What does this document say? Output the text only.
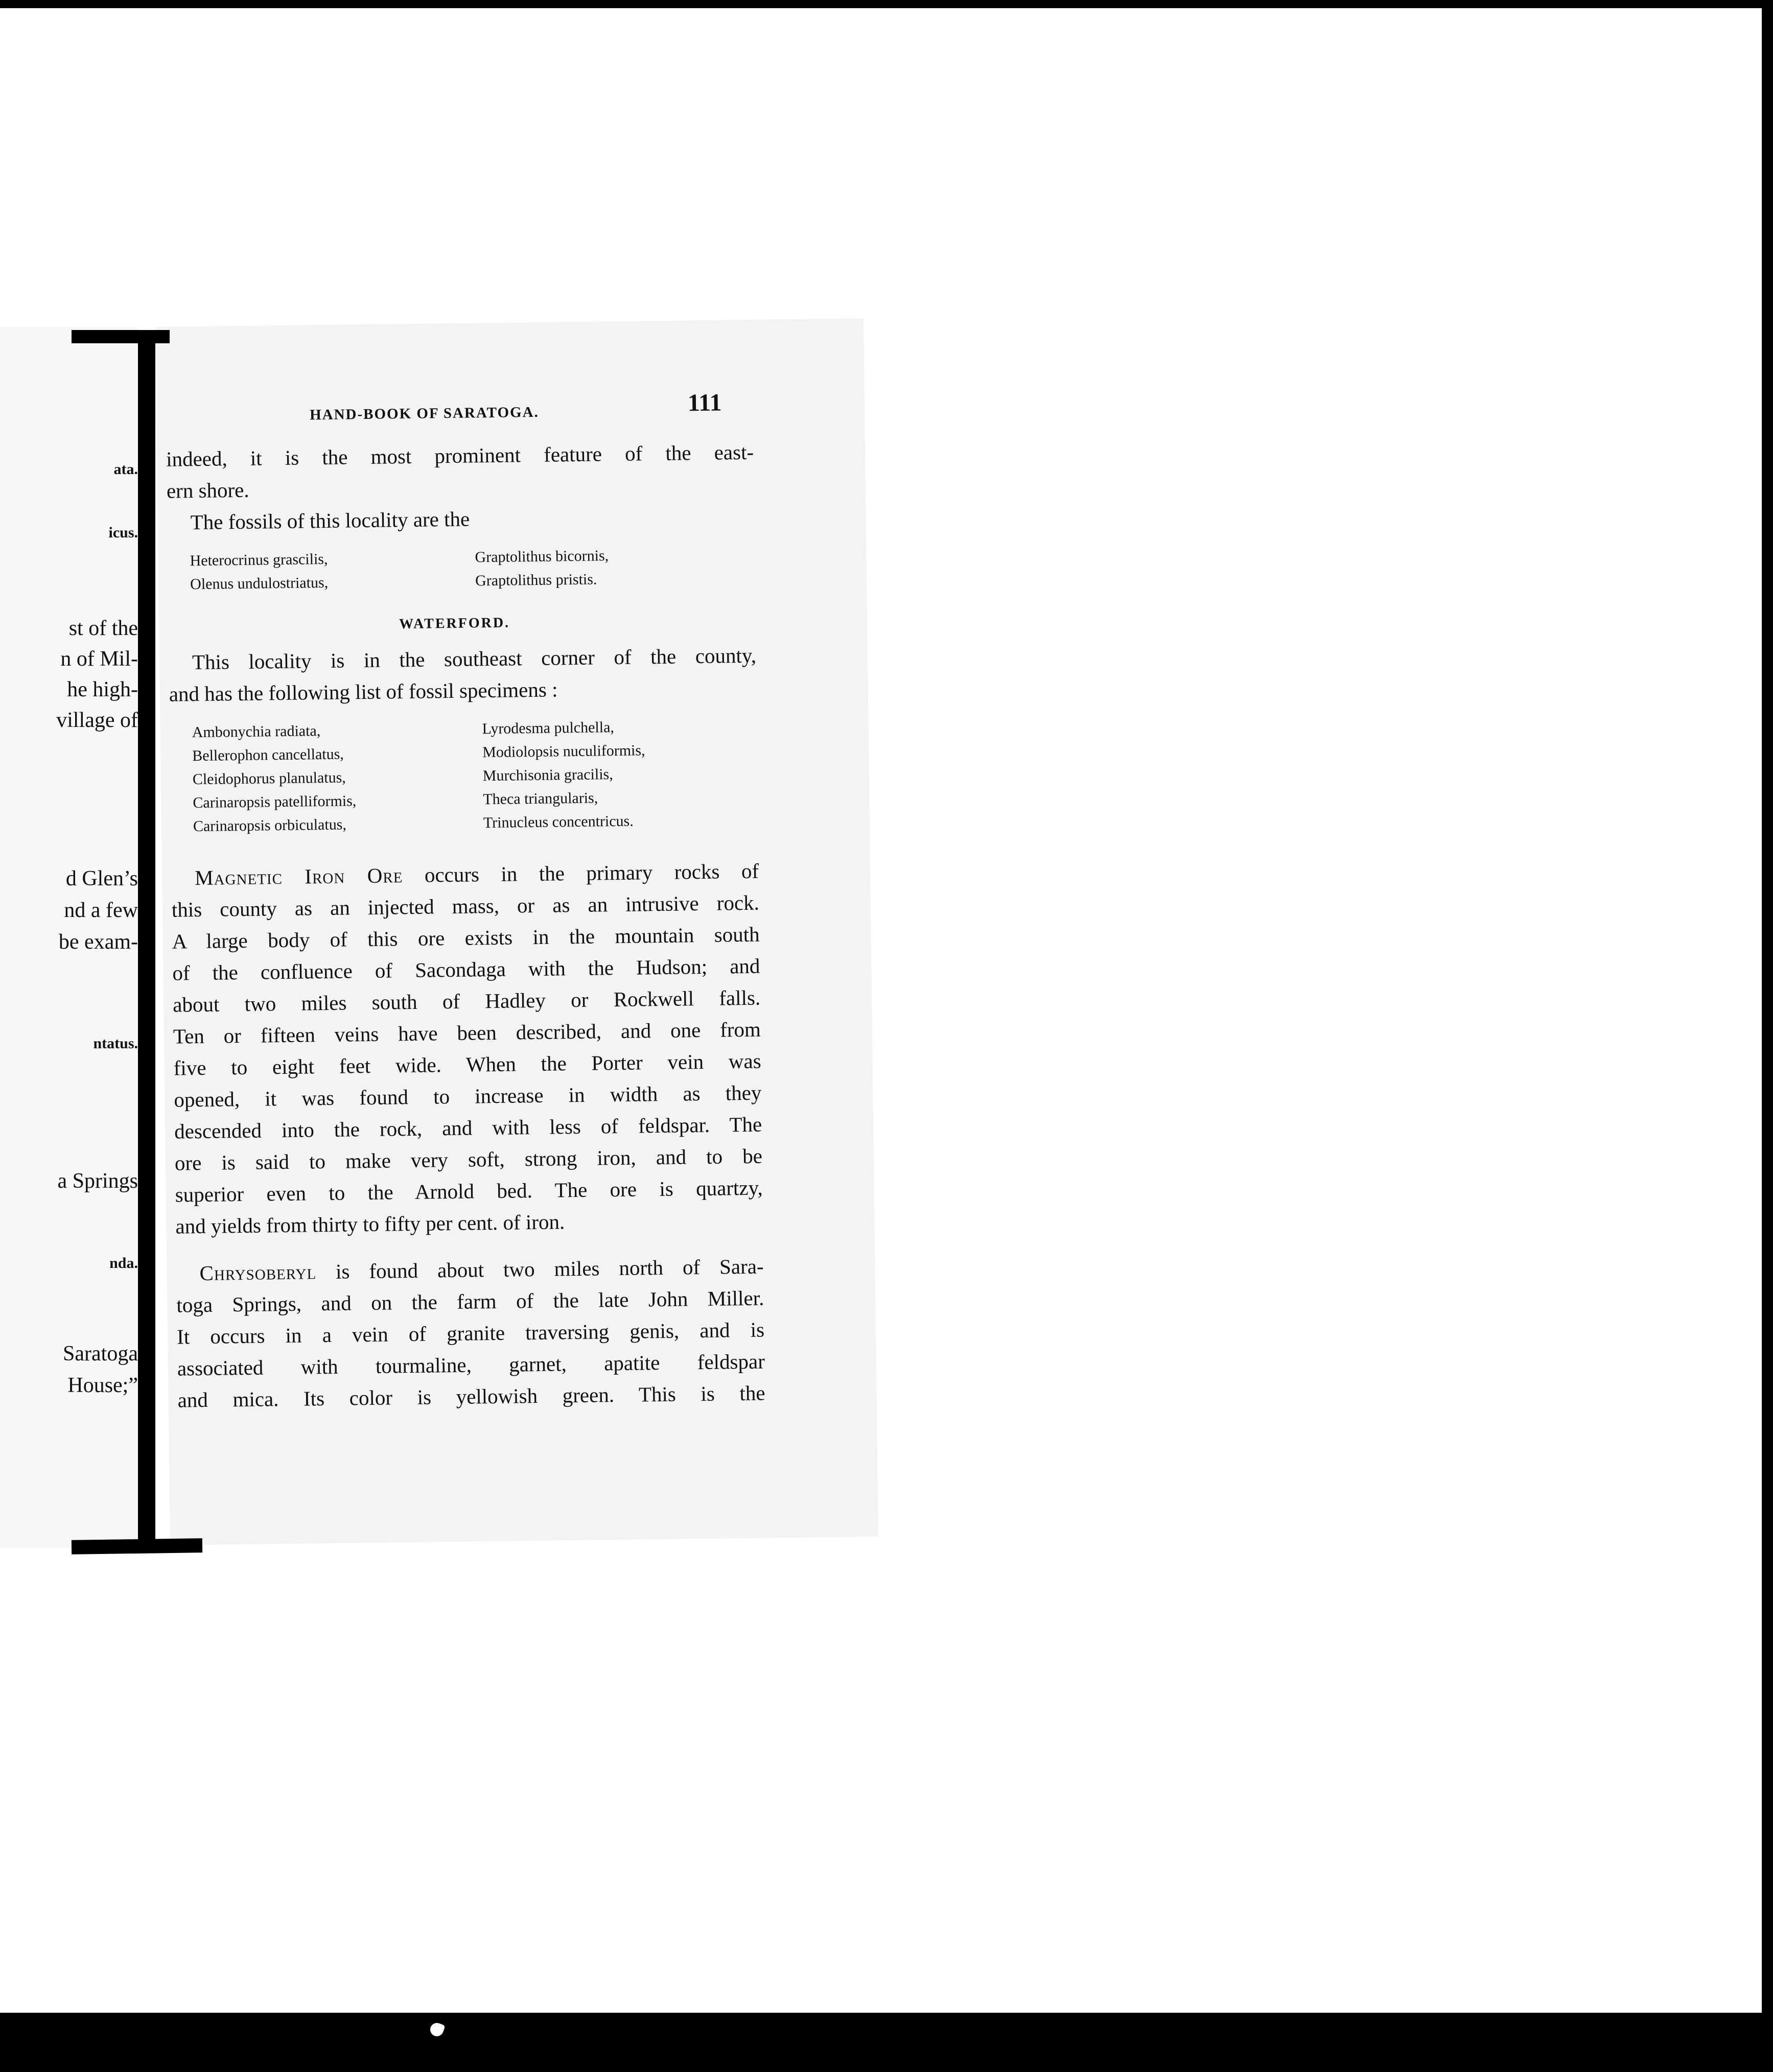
ata.
icus.
st of the
n of Mil-
he high-
village of
d Glen’s
nd a few
be exam-
ntatus.
a Springs
nda.
Saratoga
House;”
HAND-BOOK OF SARATOGA.	111
indeed, it is the most prominent feature of the east-
ern shore.
The fossils of this locality are the
Heterocrinus grascilis,
Olenus undulostriatus,
Graptolithus bicornis,
Graptolithus pristis.
WATERFORD.
This locality is in the southeast corner of the county,
and has the following list of fossil specimens :
Ambonychia radiata,
Bellerophon cancellatus,
Cleidophorus planulatus,
Carinaropsis patelliformis,
Carinaropsis orbiculatus,
Lyrodesma pulchella,
Modiolopsis nuculiformis,
Murchisonia gracilis,
Theca triangularis,
Trinucleus concentricus.
Magnetic Iron Ore occurs in the primary rocks of
this county as an injected mass, or as an intrusive rock.
A large body of this ore exists in the mountain south
of the confluence of Sacondaga with the Hudson; and
about two miles south of Hadley or Rockwell falls.
Ten or fifteen veins have been described, and one from
five to eight feet wide. When the Porter vein was
opened, it was found to increase in width as they
descended into the rock, and with less of feldspar. The
ore is said to make very soft, strong iron, and to be
superior even to the Arnold bed. The ore is quartzy,
and yields from thirty to fifty per cent. of iron.
Chrysoberyl is found about two miles north of Sara-
toga Springs, and on the farm of the late John Miller.
It occurs in a vein of granite traversing genis, and is
associated with tourmaline, garnet, apatite feldspar
and mica. Its color is yellowish green. This is the
